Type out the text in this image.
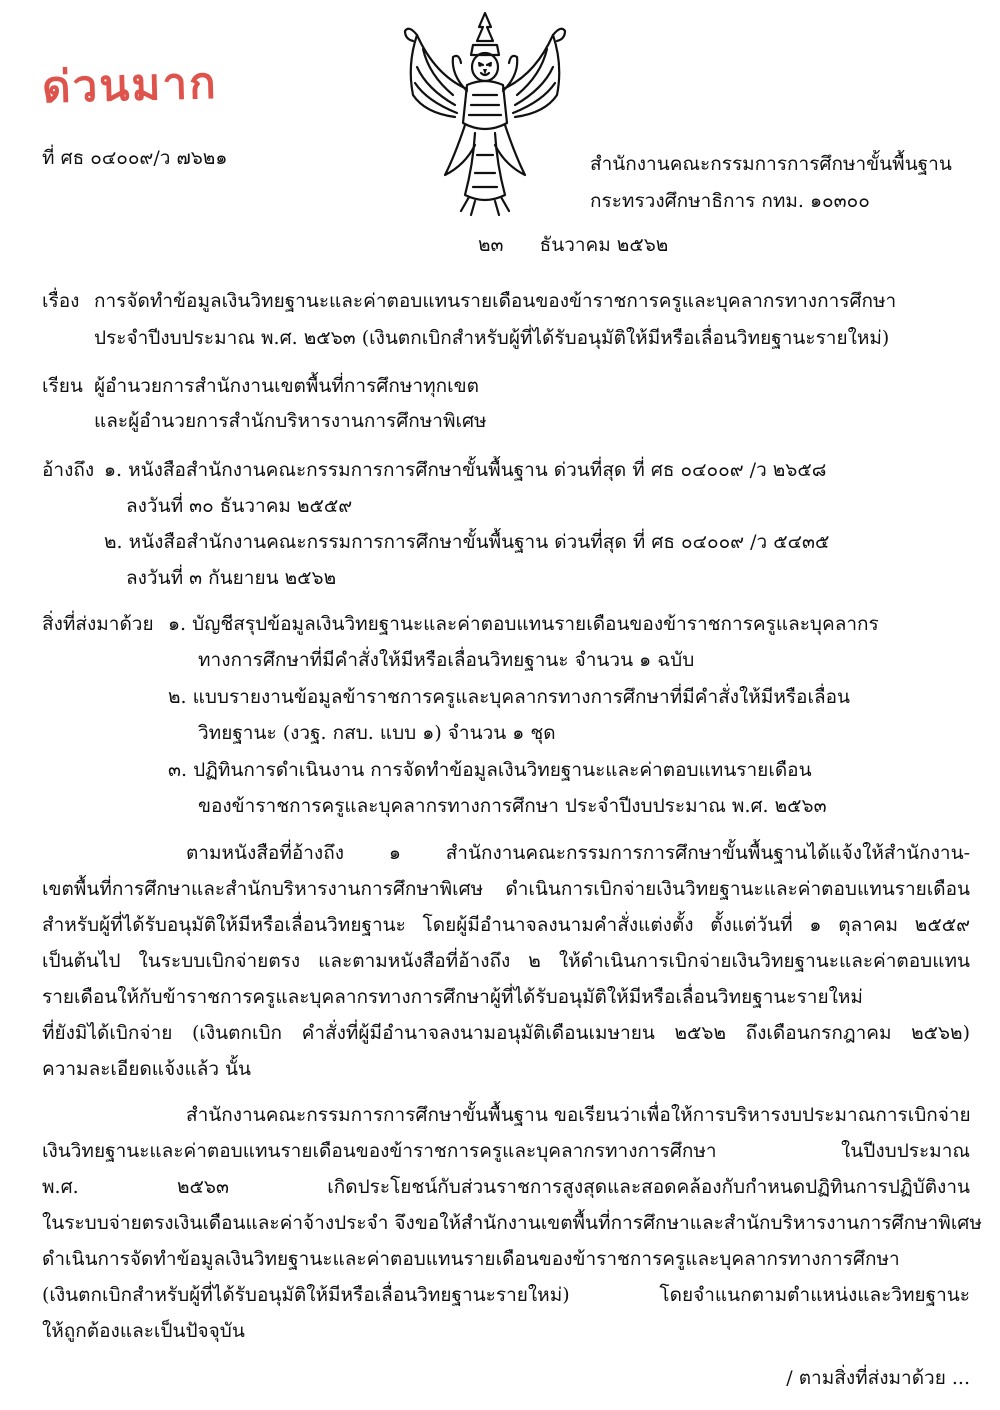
ด่วนมาก
ที่ ศธ ๐๔๐๐๙/ว ๗๖๒๑	สำนักงานคณะกรรมการการศึกษาขั้นพื้นฐาน
กระทรวงศึกษาธิการ กทม. ๑๐๓๐๐
๒๓ ธันวาคม ๒๕๖๒
เรื่อง การจัดทำข้อมูลเงินวิทยฐานะและค่าตอบแทนรายเดือนของข้าราชการครูและบุคลากรทางการศึกษา
ประจำปีงบประมาณ พ.ศ. ๒๕๖๓ (เงินตกเบิกสำหรับผู้ที่ได้รับอนุมัติให้มีหรือเลื่อนวิทยฐานะรายใหม่)
เรียน ผู้อำนวยการสำนักงานเขตพื้นที่การศึกษาทุกเขต
และผู้อำนวยการสำนักบริหารงานการศึกษาพิเศษ
อ้างถึง ๑. หนังสือสำนักงานคณะกรรมการการศึกษาขั้นพื้นฐาน ด่วนที่สุด ที่ ศธ ๐๔๐๐๙ /ว ๒๖๕๘
ลงวันที่ ๓๐ ธันวาคม ๒๕๕๙
๒. หนังสือสำนักงานคณะกรรมการการศึกษาขั้นพื้นฐาน ด่วนที่สุด ที่ ศธ ๐๔๐๐๙ /ว ๕๔๓๕
ลงวันที่ ๓ กันยายน ๒๕๖๒
สิ่งที่ส่งมาด้วย ๑. บัญชีสรุปข้อมูลเงินวิทยฐานะและค่าตอบแทนรายเดือนของข้าราชการครูและบุคลากร
ทางการศึกษาที่มีคำสั่งให้มีหรือเลื่อนวิทยฐานะ จำนวน ๑ ฉบับ
๒. แบบรายงานข้อมูลข้าราชการครูและบุคลากรทางการศึกษาที่มีคำสั่งให้มีหรือเลื่อน
วิทยฐานะ (งวฐ. กสบ. แบบ ๑) จำนวน ๑ ชุด
๓. ปฏิทินการดำเนินงาน การจัดทำข้อมูลเงินวิทยฐานะและค่าตอบแทนรายเดือน
ของข้าราชการครูและบุคลากรทางการศึกษา ประจำปีงบประมาณ พ.ศ. ๒๕๖๓
ตามหนังสือที่อ้างถึง ๑ สำนักงานคณะกรรมการการศึกษาขั้นพื้นฐานได้แจ้งให้สำนักงาน-
เขตพื้นที่การศึกษาและสำนักบริหารงานการศึกษาพิเศษ ดำเนินการเบิกจ่ายเงินวิทยฐานะและค่าตอบแทนรายเดือน
สำหรับผู้ที่ได้รับอนุมัติให้มีหรือเลื่อนวิทยฐานะ โดยผู้มีอำนาจลงนามคำสั่งแต่งตั้ง ตั้งแต่วันที่ ๑ ตุลาคม ๒๕๕๙
เป็นต้นไป ในระบบเบิกจ่ายตรง และตามหนังสือที่อ้างถึง ๒ ให้ดำเนินการเบิกจ่ายเงินวิทยฐานะและค่าตอบแทน
รายเดือนให้กับข้าราชการครูและบุคลากรทางการศึกษาผู้ที่ได้รับอนุมัติให้มีหรือเลื่อนวิทยฐานะรายใหม่
ที่ยังมิได้เบิกจ่าย (เงินตกเบิก คำสั่งที่ผู้มีอำนาจลงนามอนุมัติเดือนเมษายน ๒๕๖๒ ถึงเดือนกรกฎาคม ๒๕๖๒)
ความละเอียดแจ้งแล้ว นั้น
สำนักงานคณะกรรมการการศึกษาขั้นพื้นฐาน ขอเรียนว่าเพื่อให้การบริหารงบประมาณการเบิกจ่าย
เงินวิทยฐานะและค่าตอบแทนรายเดือนของข้าราชการครูและบุคลากรทางการศึกษา ในปีงบประมาณ
พ.ศ. ๒๕๖๓ เกิดประโยชน์กับส่วนราชการสูงสุดและสอดคล้องกับกำหนดปฏิทินการปฏิบัติงาน
ในระบบจ่ายตรงเงินเดือนและค่าจ้างประจำ จึงขอให้สำนักงานเขตพื้นที่การศึกษาและสำนักบริหารงานการศึกษาพิเศษ
ดำเนินการจัดทำข้อมูลเงินวิทยฐานะและค่าตอบแทนรายเดือนของข้าราชการครูและบุคลากรทางการศึกษา
(เงินตกเบิกสำหรับผู้ที่ได้รับอนุมัติให้มีหรือเลื่อนวิทยฐานะรายใหม่) โดยจำแนกตามตำแหน่งและวิทยฐานะ
ให้ถูกต้องและเป็นปัจจุบัน
/ ตามสิ่งที่ส่งมาด้วย ...
